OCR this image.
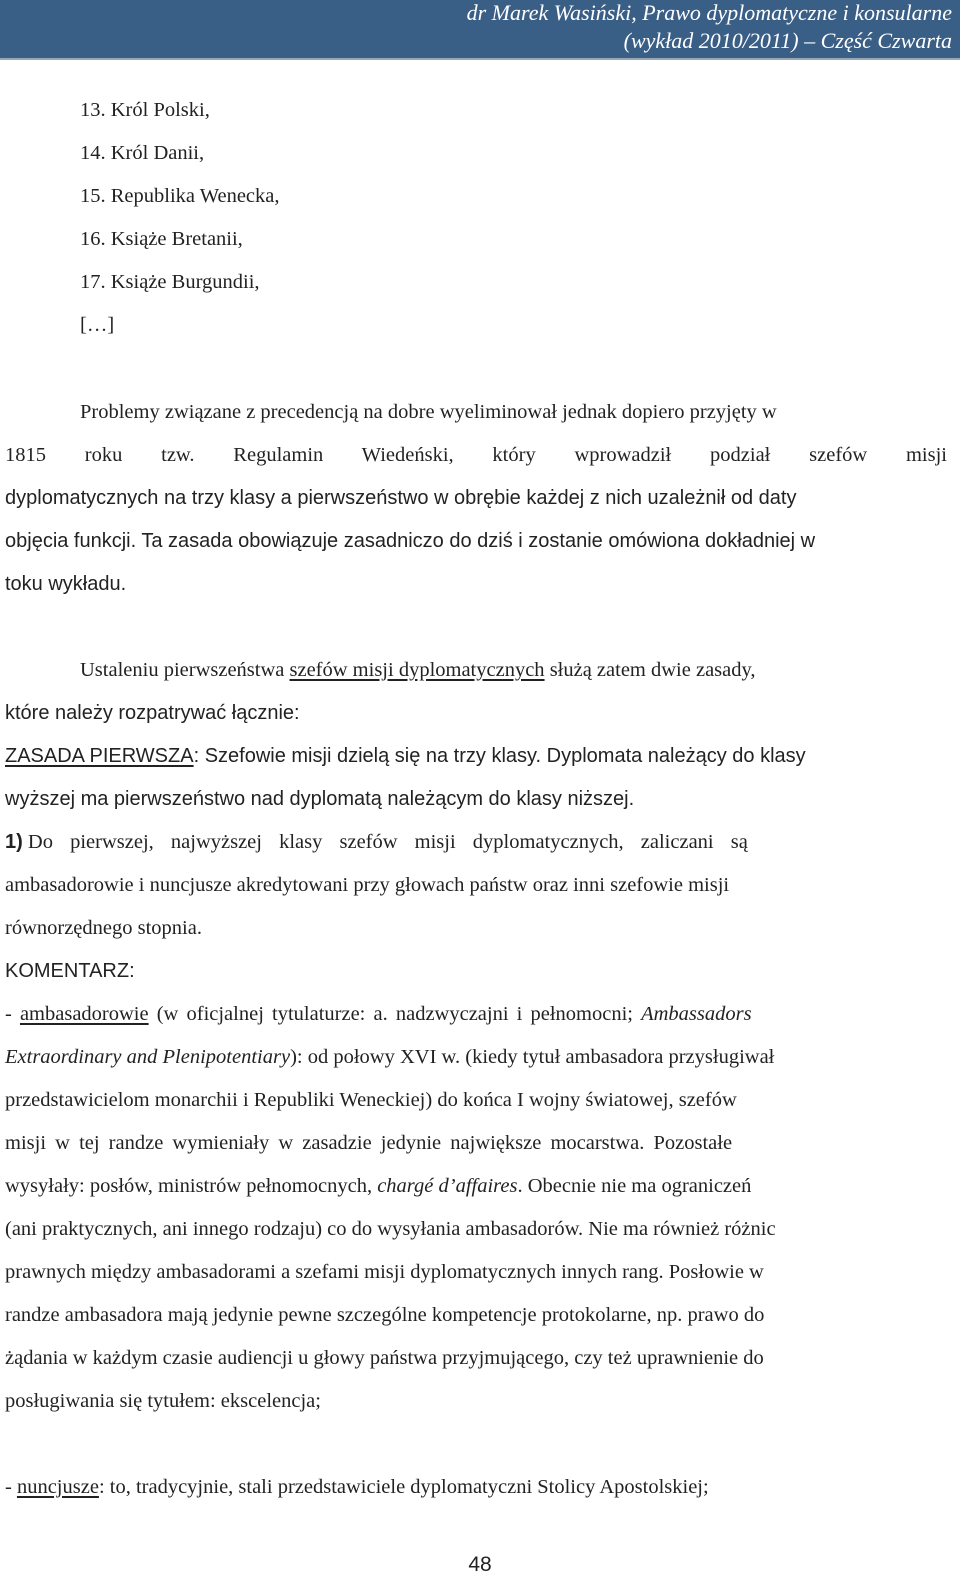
dr Marek Wasiński, Prawo dyplomatyczne i konsularne
(wykład 2010/2011) – Część Czwarta
13. Król Polski,
14. Król Danii,
15. Republika Wenecka,
16. Książe Bretanii,
17. Książe Burgundii,
[…]
Problemy związane z precedencją na dobre wyeliminował jednak dopiero przyjęty w
1815 roku tzw. Regulamin Wiedeński, który wprowadził podział szefów misji
dyplomatycznych na trzy klasy a pierwszeństwo w obrębie każdej z nich uzależnił od daty
objęcia funkcji. Ta zasada obowiązuje zasadniczo do dziś i zostanie omówiona dokładniej w
toku wykładu.
Ustaleniu pierwszeństwa szefów misji dyplomatycznych służą zatem dwie zasady,
które należy rozpatrywać łącznie:
ZASADA PIERWSZA: Szefowie misji dzielą się na trzy klasy. Dyplomata należący do klasy
wyższej ma pierwszeństwo nad dyplomatą należącym do klasy niższej.
1) Do pierwszej, najwyższej klasy szefów misji dyplomatycznych, zaliczani są
ambasadorowie i nuncjusze akredytowani przy głowach państw oraz inni szefowie misji
równorzędnego stopnia.
KOMENTARZ:
- ambasadorowie (w oficjalnej tytulaturze: a. nadzwyczajni i pełnomocni; Ambassadors
Extraordinary and Plenipotentiary): od połowy XVI w. (kiedy tytuł ambasadora przysługiwał
przedstawicielom monarchii i Republiki Weneckiej) do końca I wojny światowej, szefów
misji w tej randze wymieniały w zasadzie jedynie największe mocarstwa. Pozostałe
wysyłały: posłów, ministrów pełnomocnych, chargé d’affaires. Obecnie nie ma ograniczeń
(ani praktycznych, ani innego rodzaju) co do wysyłania ambasadorów. Nie ma również różnic
prawnych między ambasadorami a szefami misji dyplomatycznych innych rang. Posłowie w
randze ambasadora mają jedynie pewne szczególne kompetencje protokolarne, np. prawo do
żądania w każdym czasie audiencji u głowy państwa przyjmującego, czy też uprawnienie do
posługiwania się tytułem: ekscelencja;
- nuncjusze: to, tradycyjnie, stali przedstawiciele dyplomatyczni Stolicy Apostolskiej;
48
